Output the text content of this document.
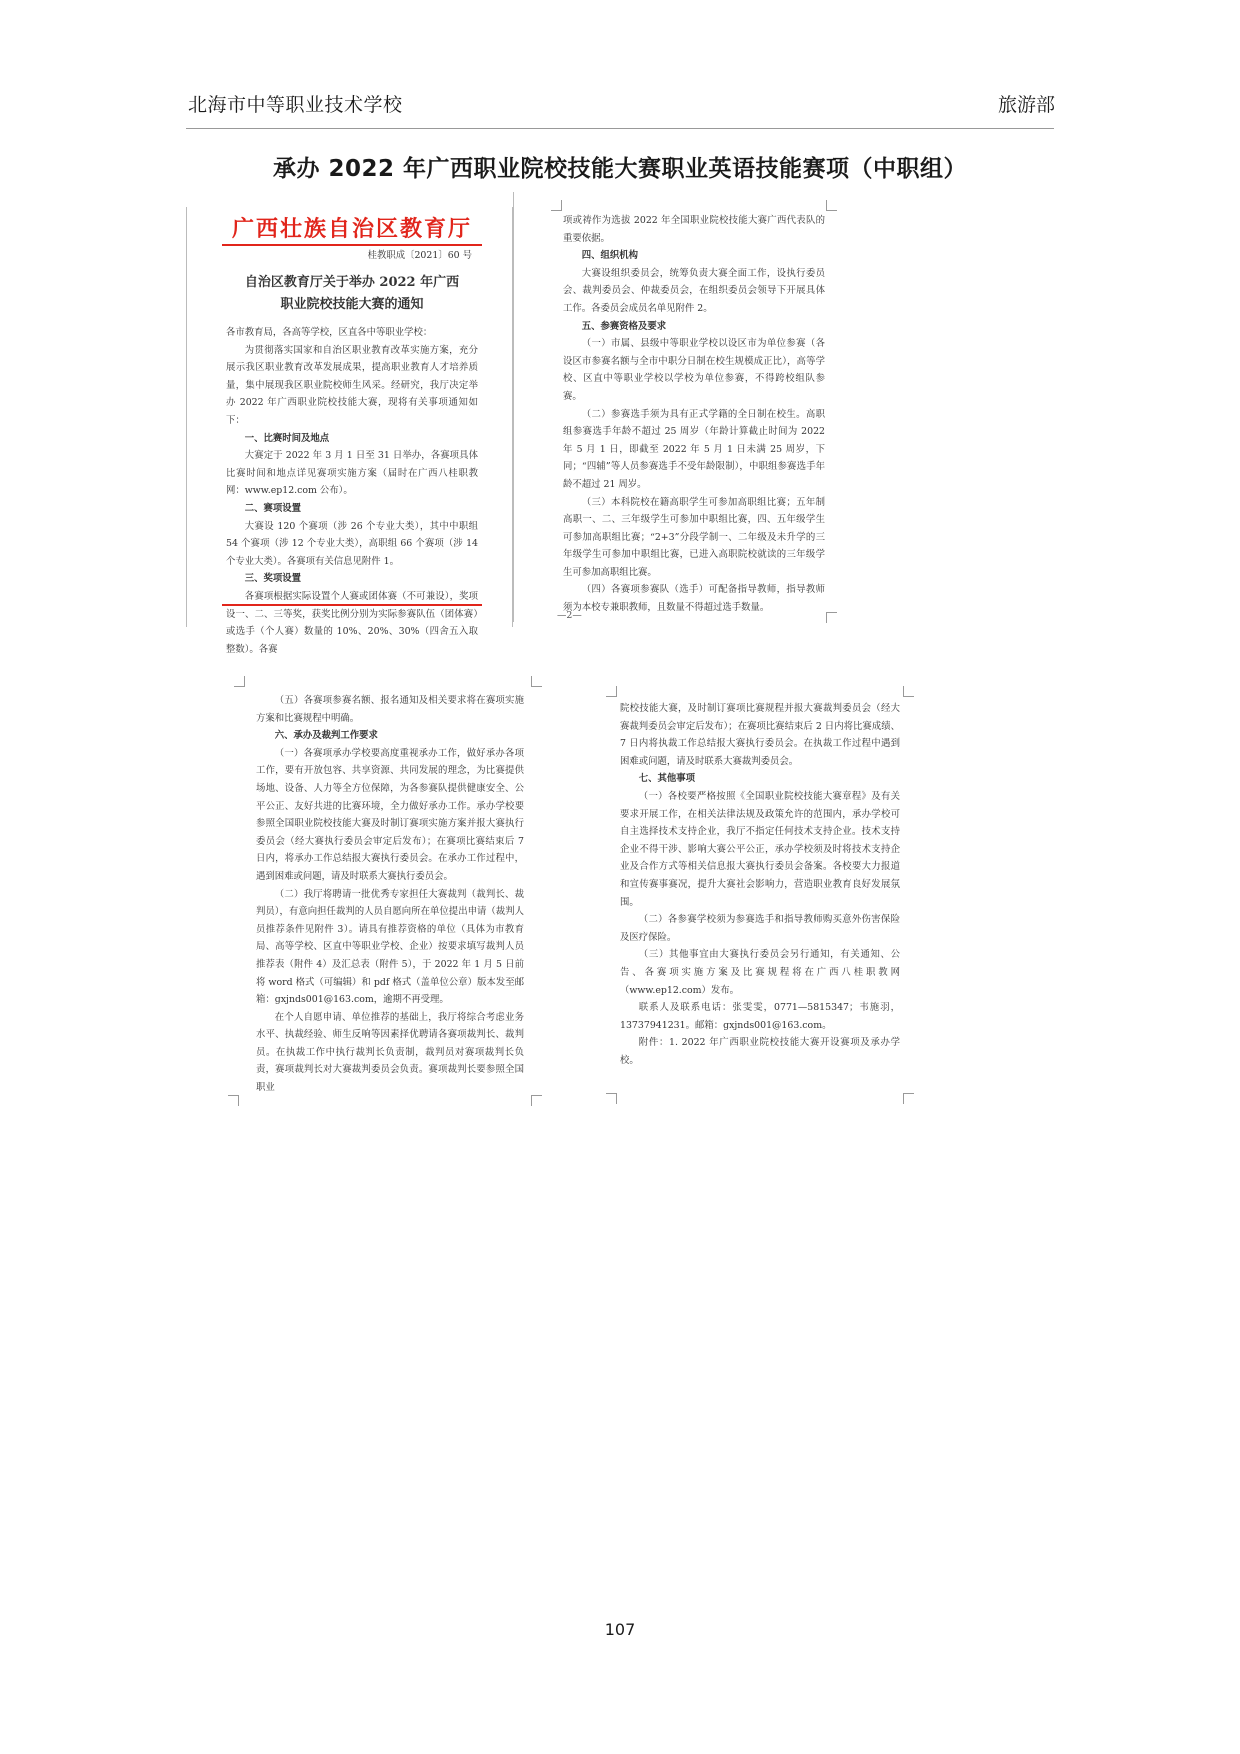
北海市中等职业技术学校	旅游部
承办 2022 年广西职业院校技能大赛职业英语技能赛项（中职组）
广西壮族自治区教育厅
桂教职成〔2021〕60 号
自治区教育厅关于举办 2022 年广西
职业院校技能大赛的通知

各市教育局，各高等学校，区直各中等职业学校：

为贯彻落实国家和自治区职业教育改革实施方案，充分展示我区职业教育改革发展成果，提高职业教育人才培养质量，集中展现我区职业院校师生风采。经研究，我厅决定举办 2022 年广西职业院校技能大赛，现将有关事项通知如下：

一、比赛时间及地点

大赛定于 2022 年 3 月 1 日至 31 日举办，各赛项具体比赛时间和地点详见赛项实施方案（届时在广西八桂职教网：www.ep12.com 公布）。

二、赛项设置

大赛设 120 个赛项（涉 26 个专业大类），其中中职组 54 个赛项（涉 12 个专业大类），高职组 66 个赛项（涉 14 个专业大类）。各赛项有关信息见附件 1。

三、奖项设置

各赛项根据实际设置个人赛或团体赛（不可兼设），奖项设一、二、三等奖，获奖比例分别为实际参赛队伍（团体赛）或选手（个人赛）数量的 10%、20%、30%（四舍五入取整数）。各赛

项或祷作为选拔 2022 年全国职业院校技能大赛广西代表队的重要依据。

四、组织机构

大赛设组织委员会，统筹负责大赛全面工作，设执行委员会、裁判委员会、仲裁委员会，在组织委员会领导下开展具体工作。各委员会成员名单见附件 2。

五、参赛资格及要求

（一）市属、县级中等职业学校以设区市为单位参赛（各设区市参赛名额与全市中职分日制在校生规模成正比），高等学校、区直中等职业学校以学校为单位参赛，不得跨校组队参赛。

（二）参赛选手须为具有正式学籍的全日制在校生。高职组参赛选手年龄不超过 25 周岁（年龄计算截止时间为 2022 年 5 月 1 日，即截至 2022 年 5 月 1 日未满 25 周岁，下同；“四辅”等人员参赛选手不受年龄限制），中职组参赛选手年龄不超过 21 周岁。

（三）本科院校在籍高职学生可参加高职组比赛；五年制高职一、二、三年级学生可参加中职组比赛，四、五年级学生可参加高职组比赛；“2+3”分段学制一、二年级及未升学的三年级学生可参加中职组比赛，已进入高职院校就读的三年级学生可参加高职组比赛。

（四）各赛项参赛队（选手）可配备指导教师，指导教师须为本校专兼职教师，且数量不得超过选手数量。

—2—

（五）各赛项参赛名额、报名通知及相关要求将在赛项实施方案和比赛规程中明确。

六、承办及裁判工作要求

（一）各赛项承办学校要高度重视承办工作，做好承办各项工作，要有开放包容、共享资源、共同发展的理念，为比赛提供场地、设备、人力等全方位保障，为各参赛队提供健康安全、公平公正、友好共进的比赛环境，全力做好承办工作。承办学校要参照全国职业院校技能大赛及时制订赛项实施方案并报大赛执行委员会（经大赛执行委员会审定后发布）；在赛项比赛结束后 7 日内，将承办工作总结报大赛执行委员会。在承办工作过程中，遇到困难或问题，请及时联系大赛执行委员会。

（二）我厅将聘请一批优秀专家担任大赛裁判（裁判长、裁判员），有意向担任裁判的人员自愿向所在单位提出申请（裁判人员推荐条件见附件 3）。请具有推荐资格的单位（具体为市教育局、高等学校、区直中等职业学校、企业）按要求填写裁判人员推荐表（附件 4）及汇总表（附件 5），于 2022 年 1 月 5 日前将 word 格式（可编辑）和 pdf 格式（盖单位公章）版本发至邮箱：gxjnds001@163.com，逾期不再受理。

在个人自愿申请、单位推荐的基础上，我厅将综合考虑业务水平、执裁经验、师生反响等因素择优聘请各赛项裁判长、裁判员。在执裁工作中执行裁判长负责制，裁判员对赛项裁判长负责，赛项裁判长对大赛裁判委员会负责。赛项裁判长要参照全国职业

院校技能大赛，及时制订赛项比赛规程并报大赛裁判委员会（经大赛裁判委员会审定后发布）；在赛项比赛结束后 2 日内将比赛成绩、7 日内将执裁工作总结报大赛执行委员会。在执裁工作过程中遇到困难或问题，请及时联系大赛裁判委员会。

七、其他事项

（一）各校要严格按照《全国职业院校技能大赛章程》及有关要求开展工作，在相关法律法规及政策允许的范围内，承办学校可自主选择技术支持企业，我厅不指定任何技术支持企业。技术支持企业不得干涉、影响大赛公平公正，承办学校须及时将技术支持企业及合作方式等相关信息报大赛执行委员会备案。各校要大力报道和宣传赛事赛况，提升大赛社会影响力，营造职业教育良好发展氛围。

（二）各参赛学校须为参赛选手和指导教师购买意外伤害保险及医疗保险。

（三）其他事宜由大赛执行委员会另行通知，有关通知、公告、各赛项实施方案及比赛规程将在广西八桂职教网（www.ep12.com）发布。

联系人及联系电话：张雯雯，0771—5815347；韦施羽，13737941231。邮箱：gxjnds001@163.com。

附件：1. 2022 年广西职业院校技能大赛开设赛项及承办学校。

107
